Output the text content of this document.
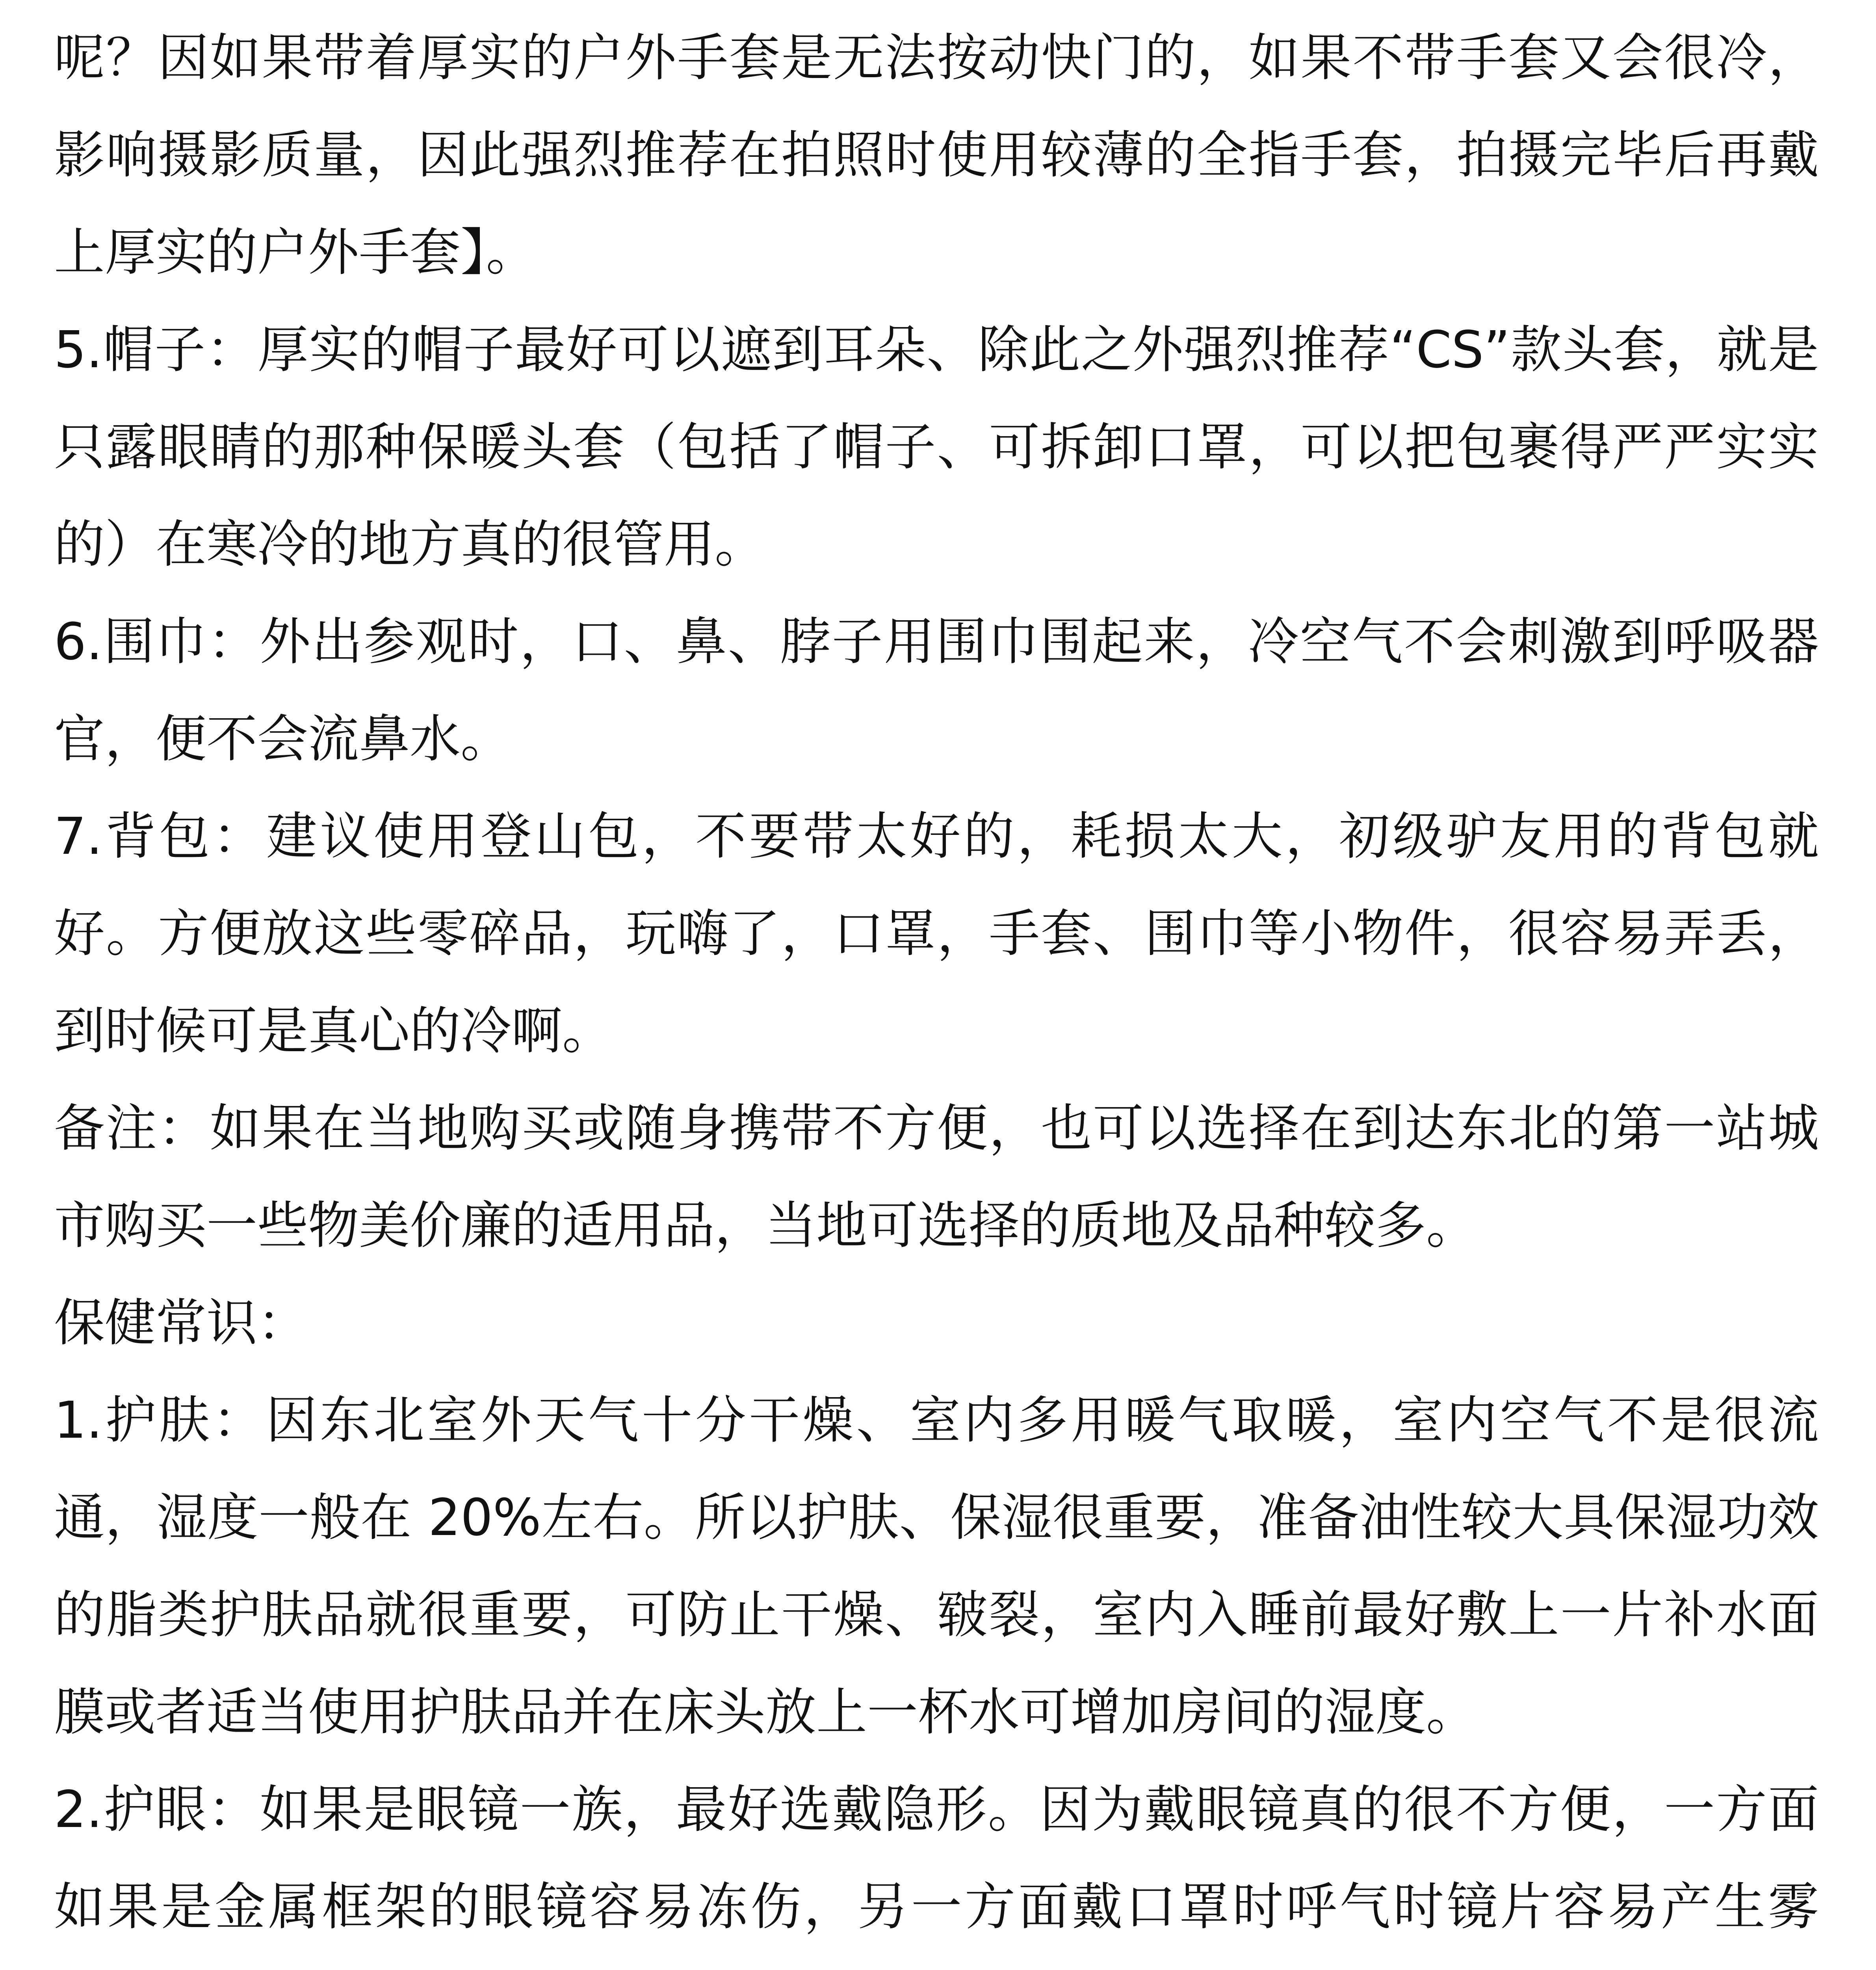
呢？因如果带着厚实的户外手套是无法按动快门的，如果不带手套又会很冷，影响摄影质量，因此强烈推荐在拍照时使用较薄的全指手套，拍摄完毕后再戴上厚实的户外手套】。

5.帽子：厚实的帽子最好可以遮到耳朵、除此之外强烈推荐“CS”款头套，就是只露眼睛的那种保暖头套（包括了帽子、可拆卸口罩，可以把包裹得严严实实的）在寒冷的地方真的很管用。

6.围巾：外出参观时，口、鼻、脖子用围巾围起来，冷空气不会刺激到呼吸器官，便不会流鼻水。

7.背包：建议使用登山包，不要带太好的，耗损太大，初级驴友用的背包就好。方便放这些零碎品，玩嗨了，口罩，手套、围巾等小物件，很容易弄丢，到时候可是真心的冷啊。

备注：如果在当地购买或随身携带不方便，也可以选择在到达东北的第一站城市购买一些物美价廉的适用品，当地可选择的质地及品种较多。

保健常识：

1.护肤：因东北室外天气十分干燥、室内多用暖气取暖，室内空气不是很流通，湿度一般在 20%左右。所以护肤、保湿很重要，准备油性较大具保湿功效的脂类护肤品就很重要，可防止干燥、皲裂，室内入睡前最好敷上一片补水面膜或者适当使用护肤品并在床头放上一杯水可增加房间的湿度。

2.护眼：如果是眼镜一族，最好选戴隐形。因为戴眼镜真的很不方便，一方面如果是金属框架的眼镜容易冻伤，另一方面戴口罩时呼气时镜片容易产生雾
